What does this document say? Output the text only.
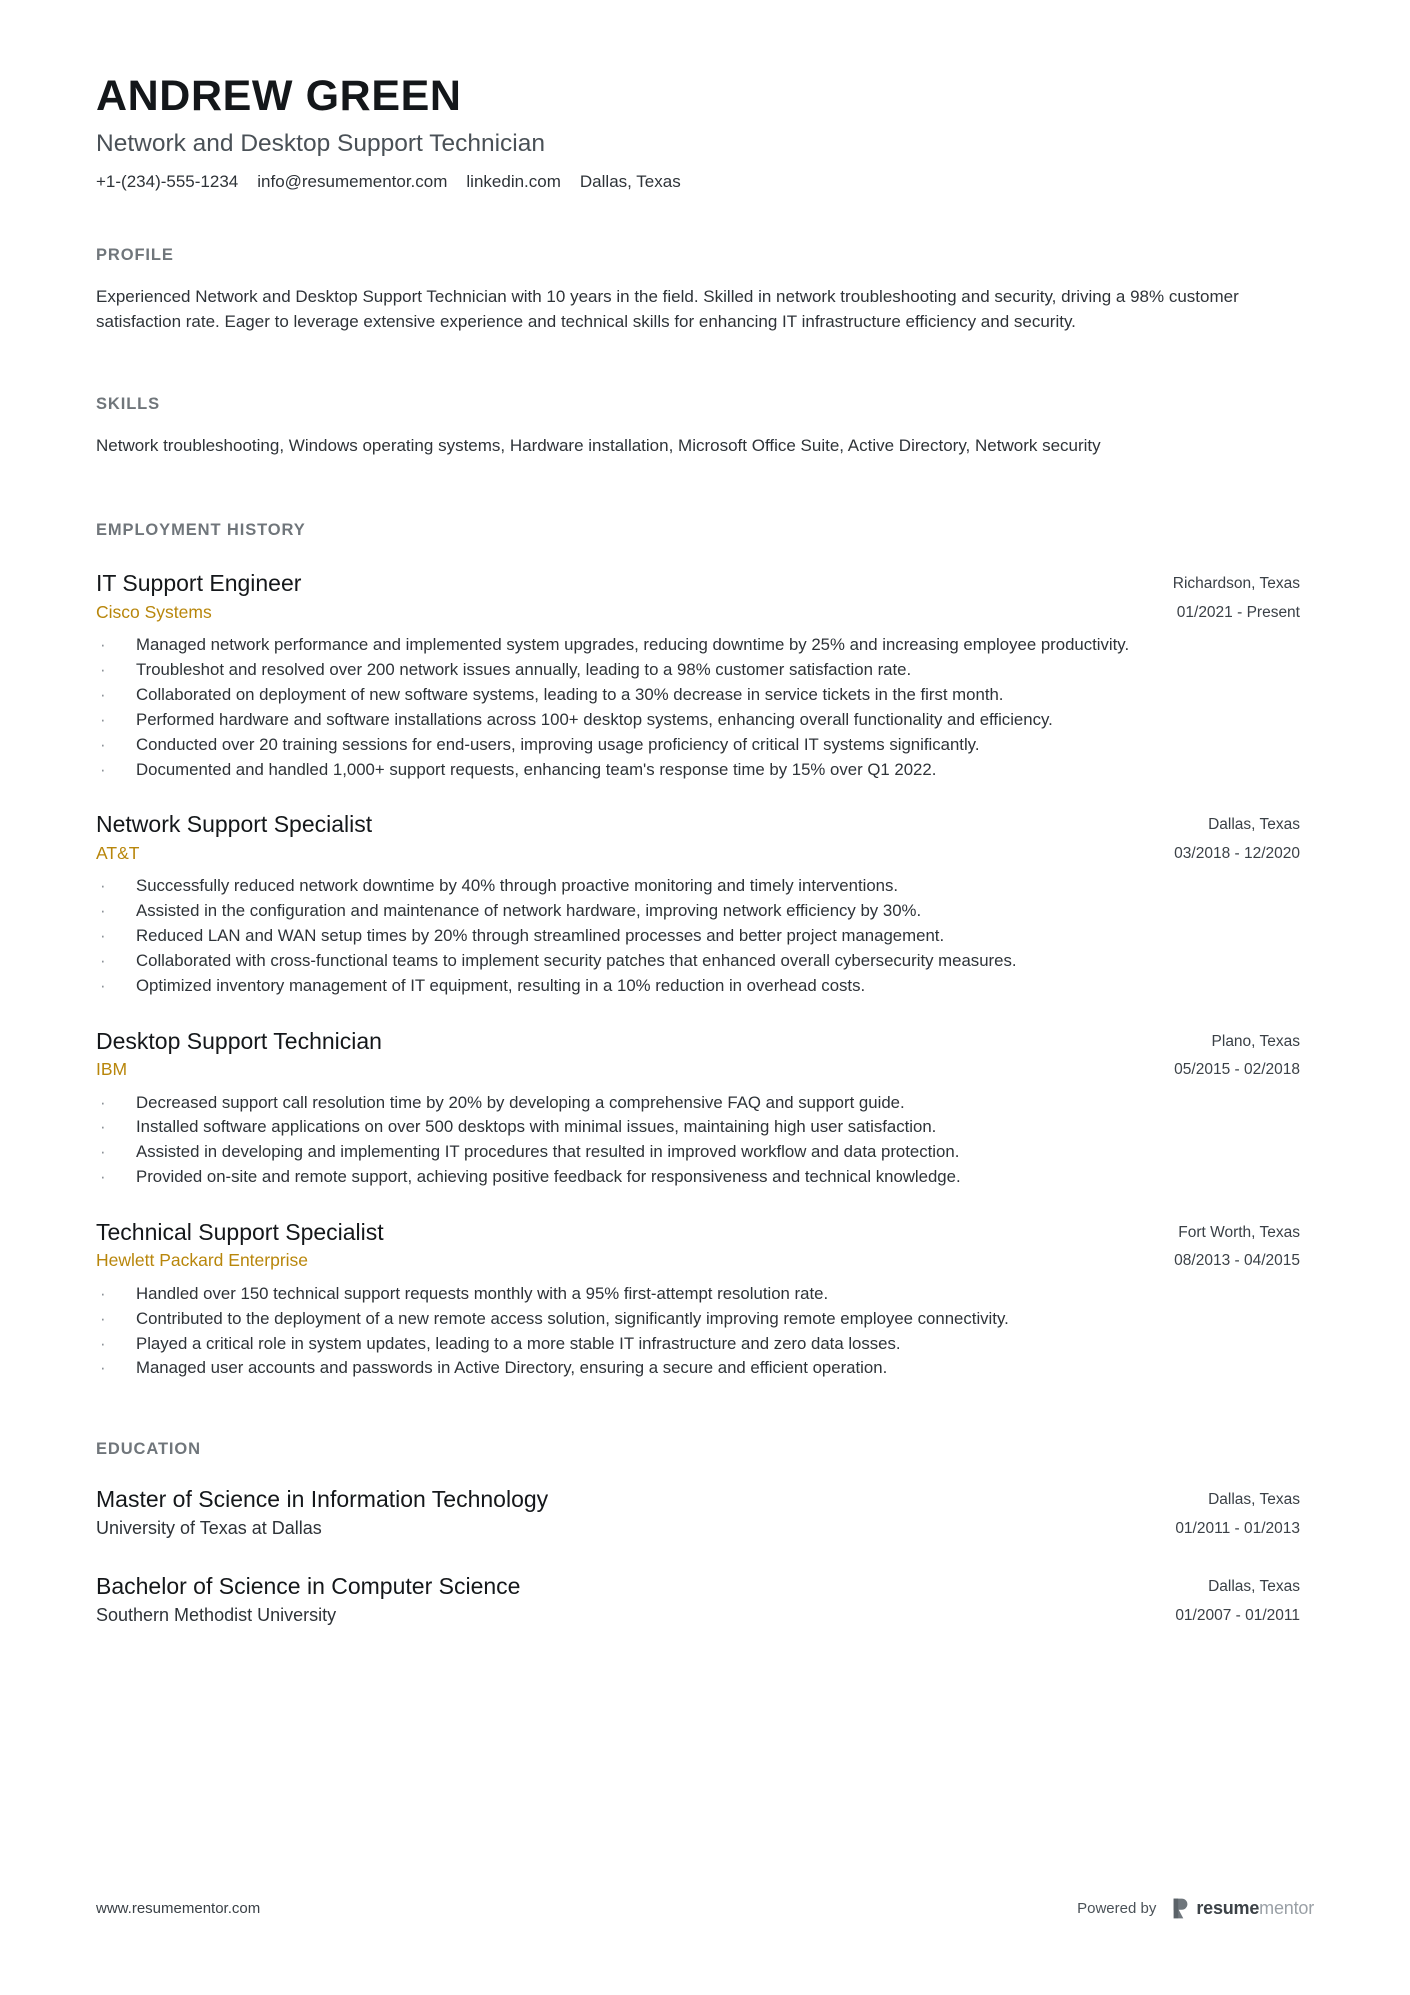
ANDREW GREEN
Network and Desktop Support Technician
+1-(234)-555-1234 info@resumementor.com linkedin.com Dallas, Texas
PROFILE

Experienced Network and Desktop Support Technician with 10 years in the field. Skilled in network troubleshooting and security, driving a 98% customer satisfaction rate. Eager to leverage extensive experience and technical skills for enhancing IT infrastructure efficiency and security.

SKILLS

Network troubleshooting, Windows operating systems, Hardware installation, Microsoft Office Suite, Active Directory, Network security

EMPLOYMENT HISTORY
IT Support Engineer
Cisco Systems
Richardson, Texas
01/2021 - Present
· Managed network performance and implemented system upgrades, reducing downtime by 25% and increasing employee productivity.
· Troubleshot and resolved over 200 network issues annually, leading to a 98% customer satisfaction rate.
· Collaborated on deployment of new software systems, leading to a 30% decrease in service tickets in the first month.
· Performed hardware and software installations across 100+ desktop systems, enhancing overall functionality and efficiency.
· Conducted over 20 training sessions for end-users, improving usage proficiency of critical IT systems significantly.
· Documented and handled 1,000+ support requests, enhancing team's response time by 15% over Q1 2022.
Network Support Specialist
AT&T
Dallas, Texas
03/2018 - 12/2020
· Successfully reduced network downtime by 40% through proactive monitoring and timely interventions.
· Assisted in the configuration and maintenance of network hardware, improving network efficiency by 30%.
· Reduced LAN and WAN setup times by 20% through streamlined processes and better project management.
· Collaborated with cross-functional teams to implement security patches that enhanced overall cybersecurity measures.
· Optimized inventory management of IT equipment, resulting in a 10% reduction in overhead costs.
Desktop Support Technician
IBM
Plano, Texas
05/2015 - 02/2018
· Decreased support call resolution time by 20% by developing a comprehensive FAQ and support guide.
· Installed software applications on over 500 desktops with minimal issues, maintaining high user satisfaction.
· Assisted in developing and implementing IT procedures that resulted in improved workflow and data protection.
· Provided on-site and remote support, achieving positive feedback for responsiveness and technical knowledge.
Technical Support Specialist
Hewlett Packard Enterprise
Fort Worth, Texas
08/2013 - 04/2015
· Handled over 150 technical support requests monthly with a 95% first-attempt resolution rate.
· Contributed to the deployment of a new remote access solution, significantly improving remote employee connectivity.
· Played a critical role in system updates, leading to a more stable IT infrastructure and zero data losses.
· Managed user accounts and passwords in Active Directory, ensuring a secure and efficient operation.
EDUCATION
Master of Science in Information Technology
University of Texas at Dallas
Dallas, Texas
01/2011 - 01/2013
Bachelor of Science in Computer Science
Southern Methodist University
Dallas, Texas
01/2007 - 01/2011
www.resumementor.com	Powered by resumementor
